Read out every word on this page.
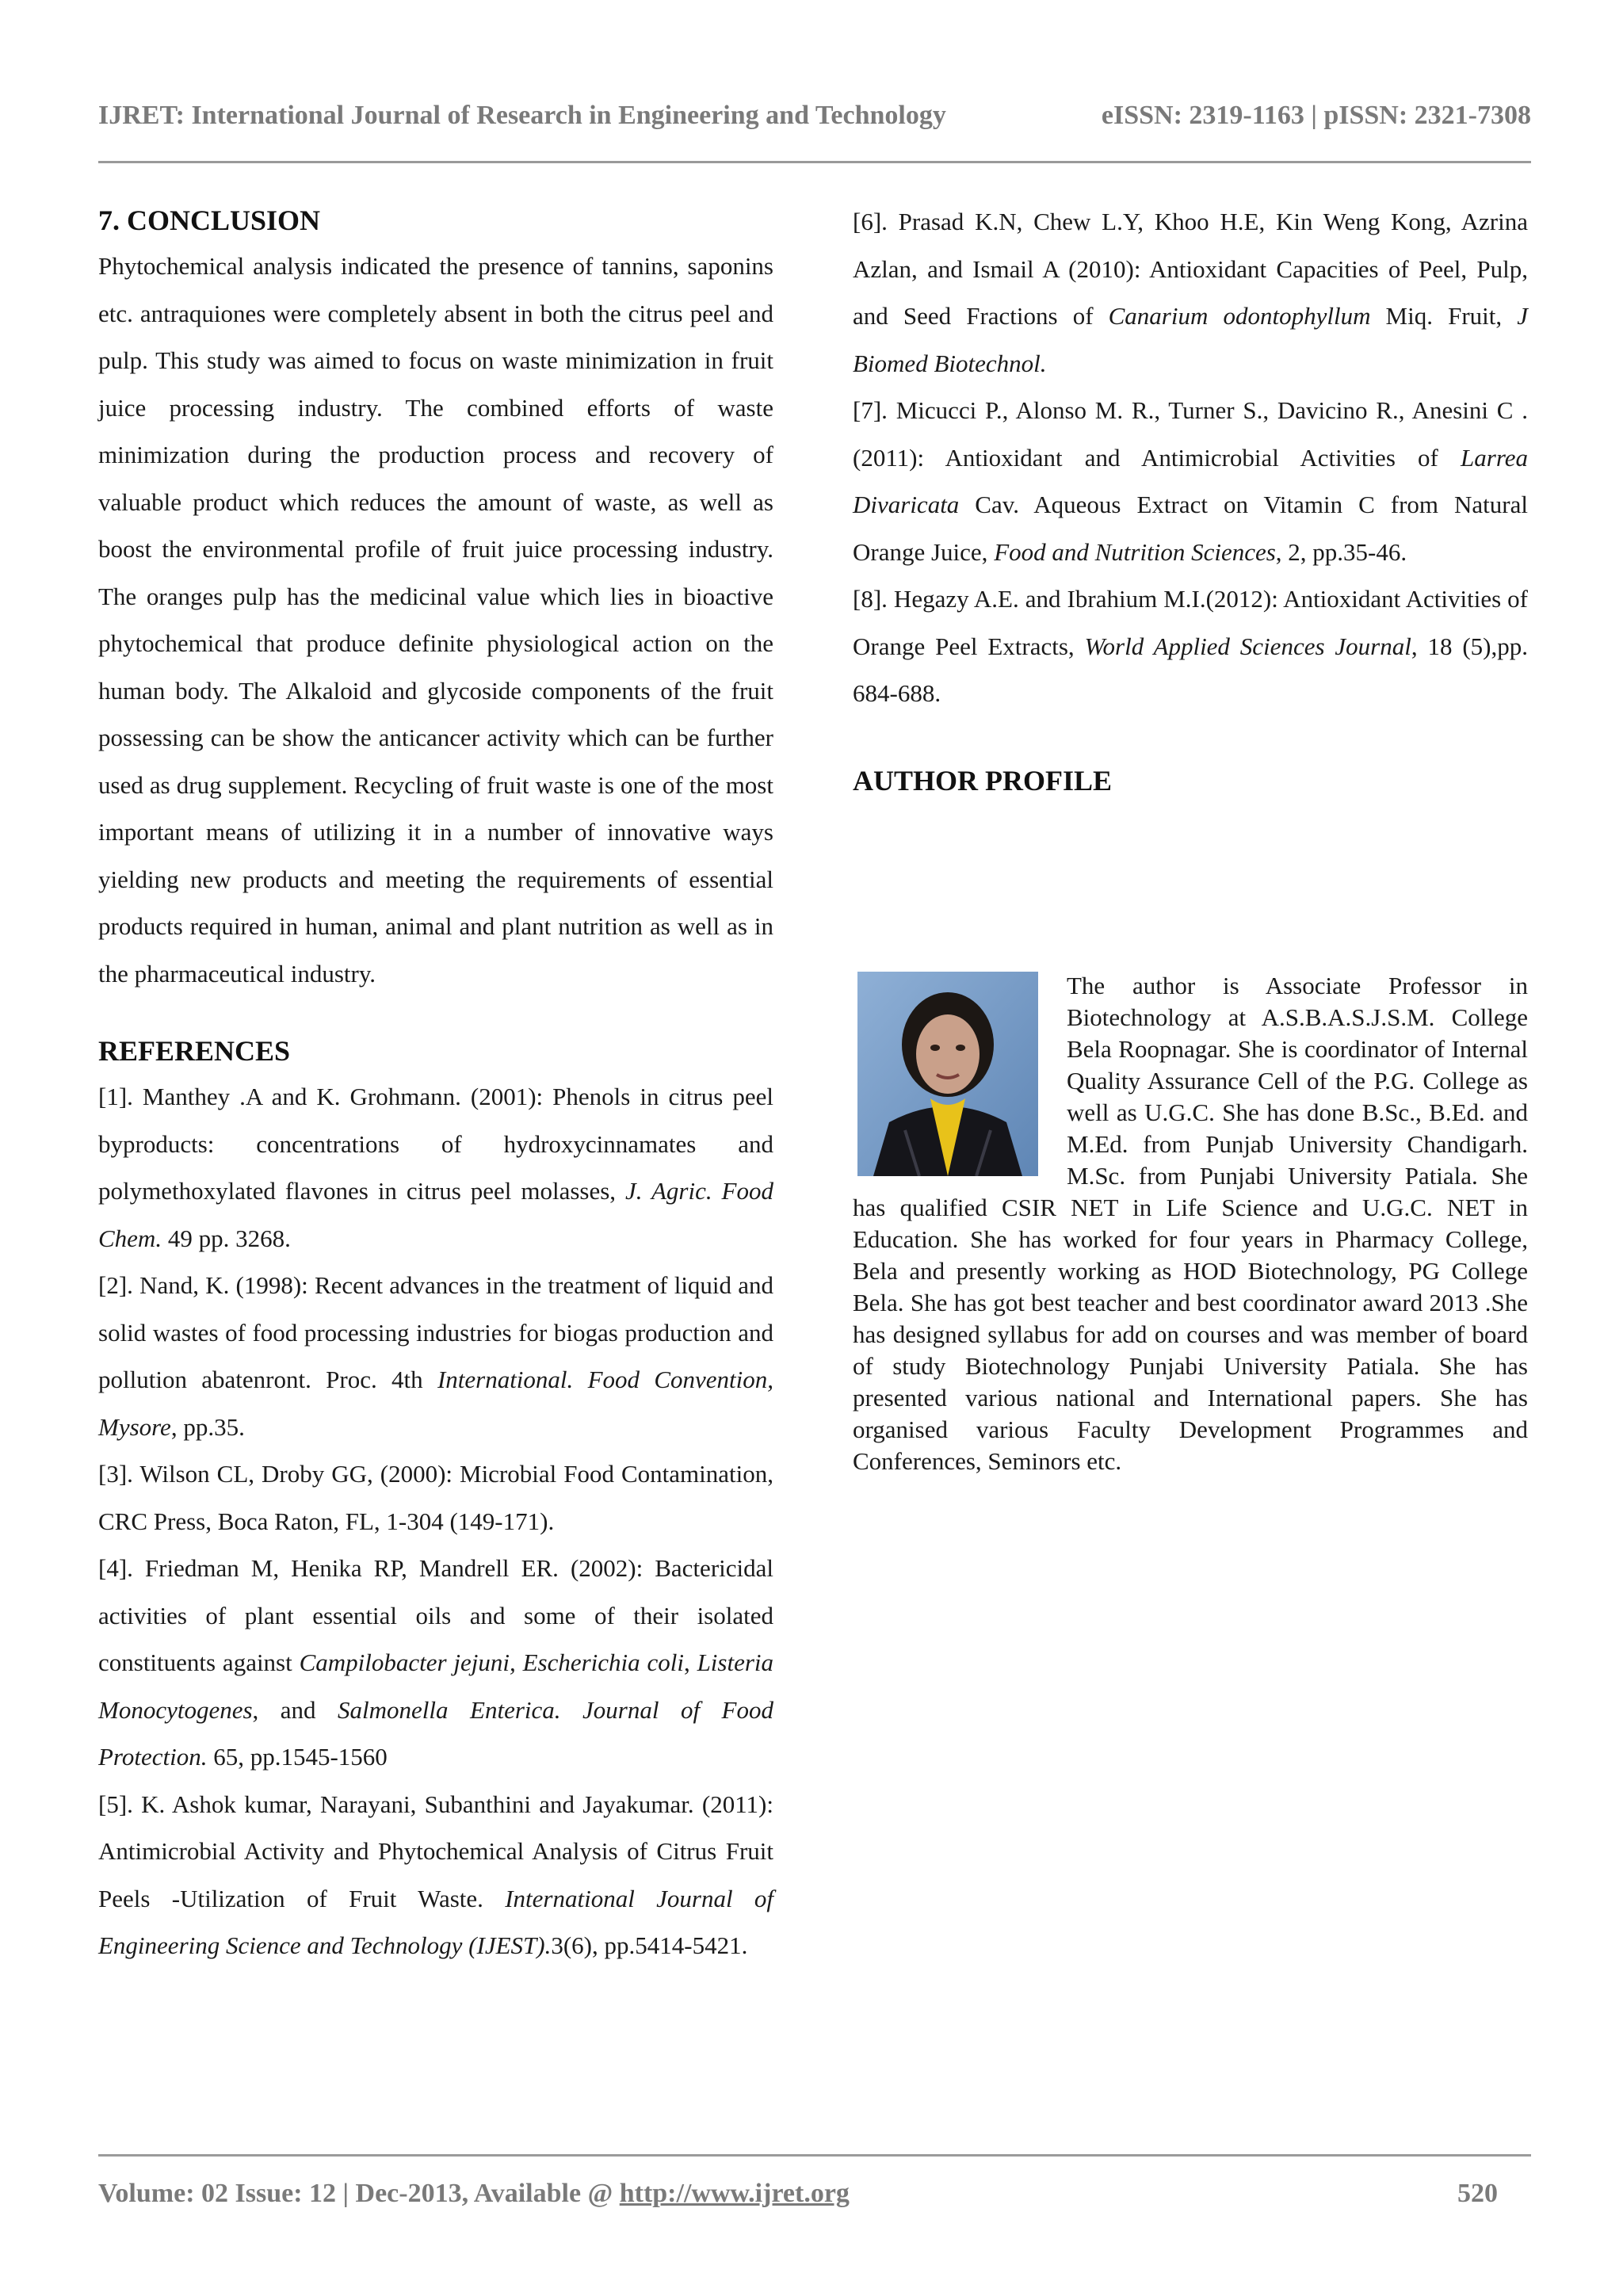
IJRET: International Journal of Research in Engineering and Technology	eISSN: 2319-1163 | pISSN: 2321-7308
7. CONCLUSION

Phytochemical analysis indicated the presence of tannins, saponins etc. antraquiones were completely absent in both the citrus peel and pulp. This study was aimed to focus on waste minimization in fruit juice processing industry. The combined efforts of waste minimization during the production process and recovery of valuable product which reduces the amount of waste, as well as boost the environmental profile of fruit juice processing industry. The oranges pulp has the medicinal value which lies in bioactive phytochemical that produce definite physiological action on the human body. The Alkaloid and glycoside components of the fruit possessing can be show the anticancer activity which can be further used as drug supplement. Recycling of fruit waste is one of the most important means of utilizing it in a number of innovative ways yielding new products and meeting the requirements of essential products required in human, animal and plant nutrition as well as in the pharmaceutical industry.

REFERENCES

[1]. Manthey .A and K. Grohmann. (2001): Phenols in citrus peel byproducts: concentrations of hydroxycinnamates and polymethoxylated flavones in citrus peel molasses, J. Agric. Food Chem. 49 pp. 3268.

[2]. Nand, K. (1998): Recent advances in the treatment of liquid and solid wastes of food processing industries for biogas production and pollution abatenront. Proc. 4th International. Food Convention, Mysore, pp.35.

[3]. Wilson CL, Droby GG, (2000): Microbial Food Contamination, CRC Press, Boca Raton, FL, 1-304 (149-171).

[4]. Friedman M, Henika RP, Mandrell ER. (2002): Bactericidal activities of plant essential oils and some of their isolated constituents against Campilobacter jejuni, Escherichia coli, Listeria Monocytogenes, and Salmonella Enterica. Journal of Food Protection. 65, pp.1545-1560

[5]. K. Ashok kumar, Narayani, Subanthini and Jayakumar. (2011): Antimicrobial Activity and Phytochemical Analysis of Citrus Fruit Peels -Utilization of Fruit Waste. International Journal of Engineering Science and Technology (IJEST).3(6), pp.5414-5421.

[6]. Prasad K.N, Chew L.Y, Khoo H.E, Kin Weng Kong, Azrina Azlan, and Ismail A (2010): Antioxidant Capacities of Peel, Pulp, and Seed Fractions of Canarium odontophyllum Miq. Fruit, J Biomed Biotechnol.

[7]. Micucci P., Alonso M. R., Turner S., Davicino R., Anesini C .(2011): Antioxidant and Antimicrobial Activities of Larrea Divaricata Cav. Aqueous Extract on Vitamin C from Natural Orange Juice, Food and Nutrition Sciences, 2, pp.35-46.

[8]. Hegazy A.E. and Ibrahium M.I.(2012): Antioxidant Activities of Orange Peel Extracts, World Applied Sciences Journal, 18 (5),pp. 684-688.

AUTHOR PROFILE
The author is Associate Professor in Biotechnology at A.S.B.A.S.J.S.M. College Bela Roopnagar. She is coordinator of Internal Quality Assurance Cell of the P.G. College as well as U.G.C. She has done B.Sc., B.Ed. and M.Ed. from Punjab University Chandigarh. M.Sc. from Punjabi University Patiala. She has qualified CSIR NET in Life Science and U.G.C. NET in Education. She has worked for four years in Pharmacy College, Bela and presently working as HOD Biotechnology, PG College Bela. She has got best teacher and best coordinator award 2013 .She has designed syllabus for add on courses and was member of board of study Biotechnology Punjabi University Patiala. She has presented various national and International papers. She has organised various Faculty Development Programmes and Conferences, Seminors etc.
Volume: 02 Issue: 12 | Dec-2013, Available @ http://www.ijret.org	520
